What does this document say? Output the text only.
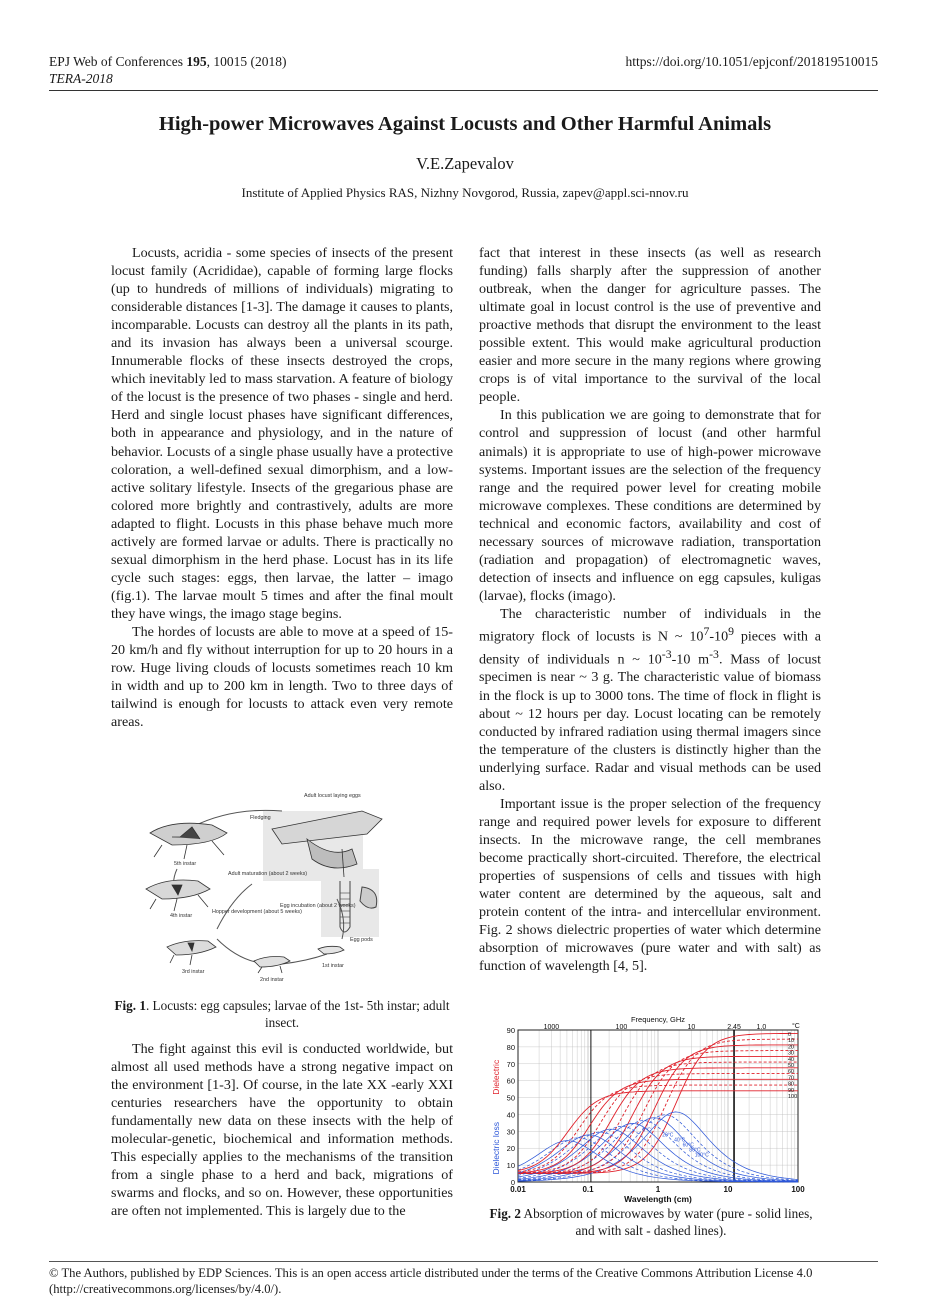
EPJ Web of Conferences 195, 10015 (2018)
TERA-2018
https://doi.org/10.1051/epjconf/201819510015
High-power Microwaves Against Locusts and Other Harmful Animals
V.E.Zapevalov
Institute of Applied Physics RAS, Nizhny Novgorod, Russia, zapev@appl.sci-nnov.ru

Locusts, acridia - some species of insects of the present locust family (Acrididae), capable of forming large flocks (up to hundreds of millions of individuals) migrating to considerable distances [1-3]. The damage it causes to plants, incomparable. Locusts can destroy all the plants in its path, and its invasion has always been a universal scourge. Innumerable flocks of these insects destroyed the crops, which inevitably led to mass starvation. A feature of biology of the locust is the presence of two phases - single and herd. Herd and single locust phases have significant differences, both in appearance and physiology, and in the nature of behavior. Locusts of a single phase usually have a protective coloration, a well-defined sexual dimorphism, and a low-active solitary lifestyle. Insects of the gregarious phase are colored more brightly and contrastively, adults are more adapted to flight. Locusts in this phase behave much more actively are formed larvae or adults. There is practically no sexual dimorphism in the herd phase. Locust has in its life cycle such stages: eggs, then larvae, the latter – imago (fig.1). The larvae moult 5 times and after the final moult they have wings, the imago stage begins.

The hordes of locusts are able to move at a speed of 15-20 km/h and fly without interruption for up to 20 hours in a row. Huge living clouds of locusts sometimes reach 10 km in width and up to 200 km in length. Two to three days of tailwind is enough for locusts to attack even very remote areas.

Adult locust laying eggs
Fledging
5th instar
Adult maturation (about 2 weeks)
4th instar
Hopper development (about 5 weeks)
Egg incubation (about 2 weeks)
Egg pods
3rd instar
1st instar
2nd instar
Fig. 1. Locusts: egg capsules; larvae of the 1st- 5th instar; adult insect.

The fight against this evil is conducted worldwide, but almost all used methods have a strong negative impact on the environment [1-3]. Of course, in the late XX -early XXI centuries researchers have the opportunity to obtain fundamentally new data on these insects with the help of molecular-genetic, biochemical and information methods. This especially applies to the mechanisms of the transition from a single phase to a herd and back, migrations of swarms and flocks, and so on. However, these opportunities are often not implemented. This is largely due to the

fact that interest in these insects (as well as research funding) falls sharply after the suppression of another outbreak, when the danger for agriculture passes. The ultimate goal in locust control is the use of preventive and proactive methods that disrupt the environment to the least possible extent. This would make agricultural production easier and more secure in the many regions where growing crops is of vital importance to the survival of the local people.

In this publication we are going to demonstrate that for control and suppression of locust (and other harmful animals) it is appropriate to use of high-power microwave systems. Important issues are the selection of the frequency range and the required power level for creating mobile microwave complexes. These conditions are determined by technical and economic factors, availability and cost of necessary sources of microwave radiation, transportation (radiation and propagation) of electromagnetic waves, detection of insects and influence on egg capsules, kuligas (larvae), flocks (imago).

The characteristic number of individuals in the migratory flock of locusts is N ~ $10^7-10^9$ pieces with a density of individuals n ~ $10^{-3}-10$ $m^{-3}$. Mass of locust specimen is near ~ 3 g. The characteristic value of biomass in the flock is up to 3000 tons. The time of flock in flight is about ~ 12 hours per day. Locust locating can be remotely conducted by infrared radiation using thermal imagers since the temperature of the clusters is distinctly higher than the underlying surface. Radar and visual methods can be used also.

Important issue is the proper selection of the frequency range and required power levels for exposure to different insects. In the microwave range, the cell membranes become practically short-circuited. Therefore, the electrical properties of suspensions of cells and tissues with high water content are determined by the aqueous, salt and protein content of the intra- and intercellular environment. Fig. 2 shows dielectric properties of water which determine absorption of microwaves (pure water and with salt) as function of wavelength [4, 5].

0.01	0.1	1	10	100
0
10
20
30
40
50
60
70
80
90
Wavelength (cm)
Frequency, GHz
1000	100	10	2.45 1.0	°C
Dielectric
Dielectric loss
0
10
20
30
40
50
60
70
80
90
100
0°C
20°C
40°C
60°C
80°C
100°C
Fig. 2 Absorption of microwaves by water (pure - solid lines, and with salt - dashed lines).
© The Authors, published by EDP Sciences. This is an open access article distributed under the terms of the Creative Commons Attribution License 4.0
(http://creativecommons.org/licenses/by/4.0/).
